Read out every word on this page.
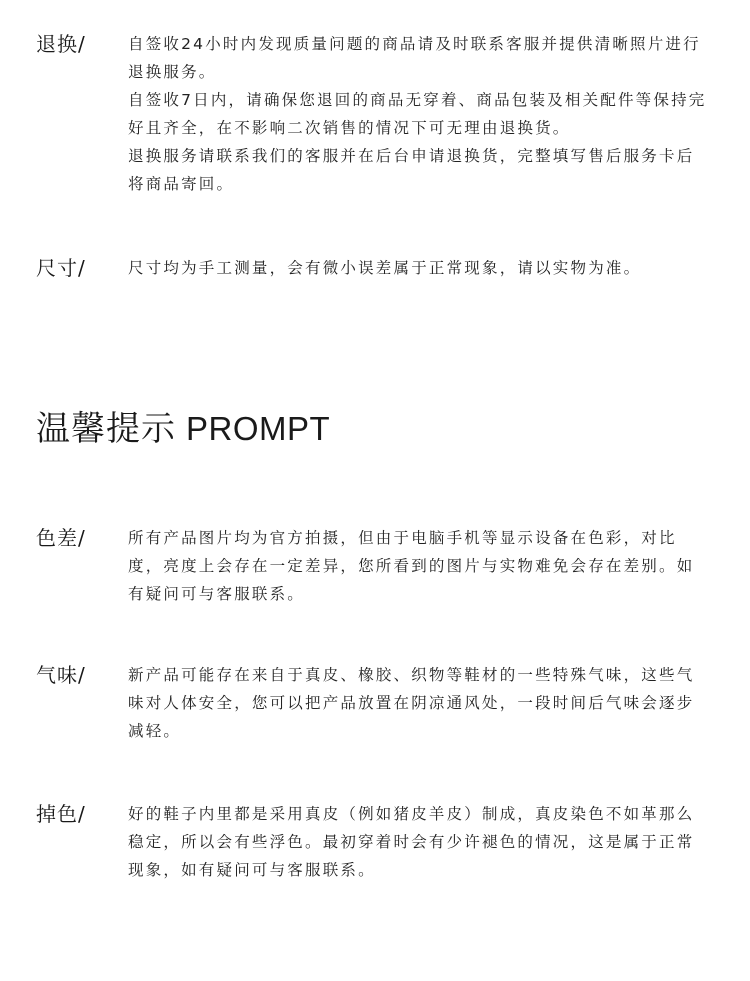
退换/	自签收24小时内发现质量问题的商品请及时联系客服并提供清晰照片进行退换服务。

自签收7日内，请确保您退回的商品无穿着、商品包装及相关配件等保持完好且齐全，在不影响二次销售的情况下可无理由退换货。

退换服务请联系我们的客服并在后台申请退换货，完整填写售后服务卡后将商品寄回。

尺寸/	尺寸均为手工测量，会有微小误差属于正常现象，请以实物为准。

温馨提示 PROMPT
色差/	所有产品图片均为官方拍摄，但由于电脑手机等显示设备在色彩，对比度，亮度上会存在一定差异，您所看到的图片与实物难免会存在差别。如有疑问可与客服联系。

气味/	新产品可能存在来自于真皮、橡胶、织物等鞋材的一些特殊气味，这些气味对人体安全，您可以把产品放置在阴凉通风处，一段时间后气味会逐步减轻。

掉色/	好的鞋子内里都是采用真皮（例如猪皮羊皮）制成，真皮染色不如革那么稳定，所以会有些浮色。最初穿着时会有少许褪色的情况，这是属于正常现象，如有疑问可与客服联系。
